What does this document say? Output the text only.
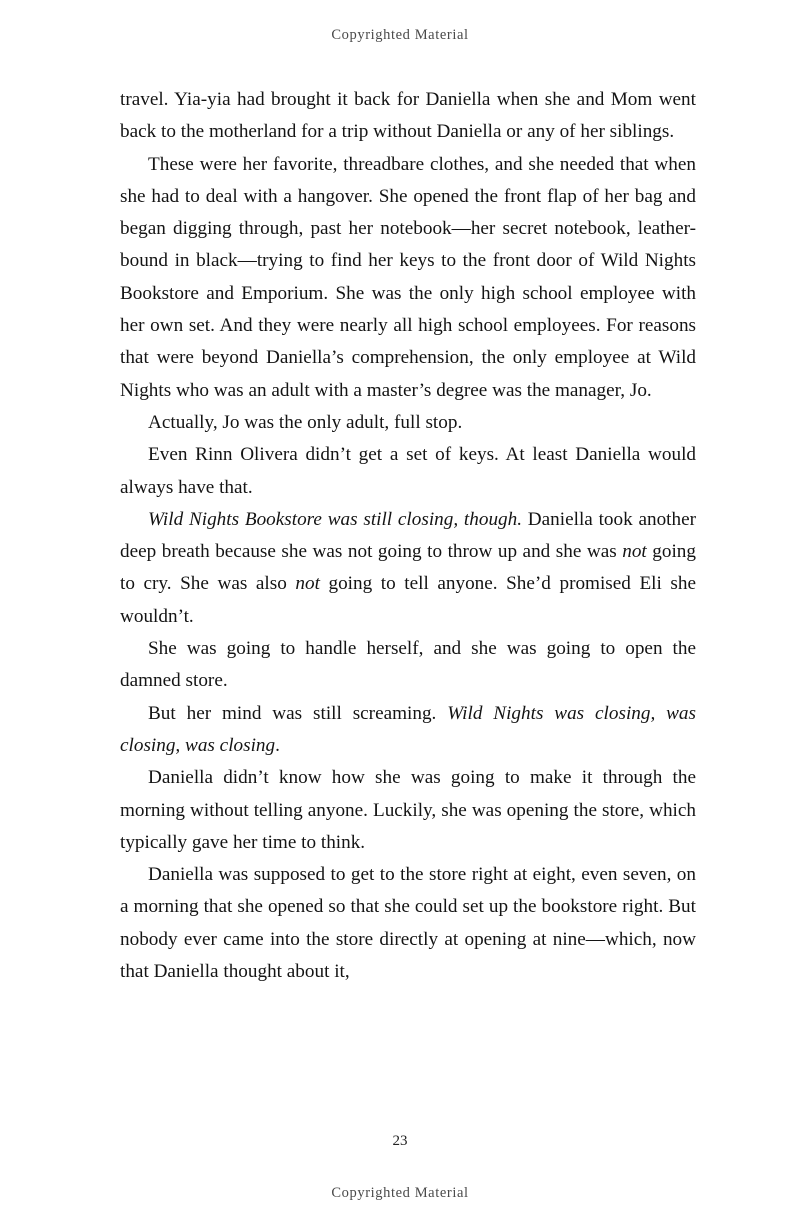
Copyrighted Material

travel. Yia-yia had brought it back for Daniella when she and Mom went back to the motherland for a trip without Daniella or any of her siblings.

These were her favorite, threadbare clothes, and she needed that when she had to deal with a hangover. She opened the front flap of her bag and began digging through, past her notebook—her secret notebook, leather-bound in black—trying to find her keys to the front door of Wild Nights Bookstore and Emporium. She was the only high school employee with her own set. And they were nearly all high school employees. For reasons that were beyond Daniella’s comprehension, the only employee at Wild Nights who was an adult with a master’s degree was the manager, Jo.

Actually, Jo was the only adult, full stop.

Even Rinn Olivera didn’t get a set of keys. At least Daniella would always have that.

Wild Nights Bookstore was still closing, though. Daniella took another deep breath because she was not going to throw up and she was not going to cry. She was also not going to tell anyone. She’d promised Eli she wouldn’t.

She was going to handle herself, and she was going to open the damned store.

But her mind was still screaming. Wild Nights was closing, was closing, was closing.

Daniella didn’t know how she was going to make it through the morning without telling anyone. Luckily, she was opening the store, which typically gave her time to think.

Daniella was supposed to get to the store right at eight, even seven, on a morning that she opened so that she could set up the bookstore right. But nobody ever came into the store directly at opening at nine—which, now that Daniella thought about it,

23
Copyrighted Material
